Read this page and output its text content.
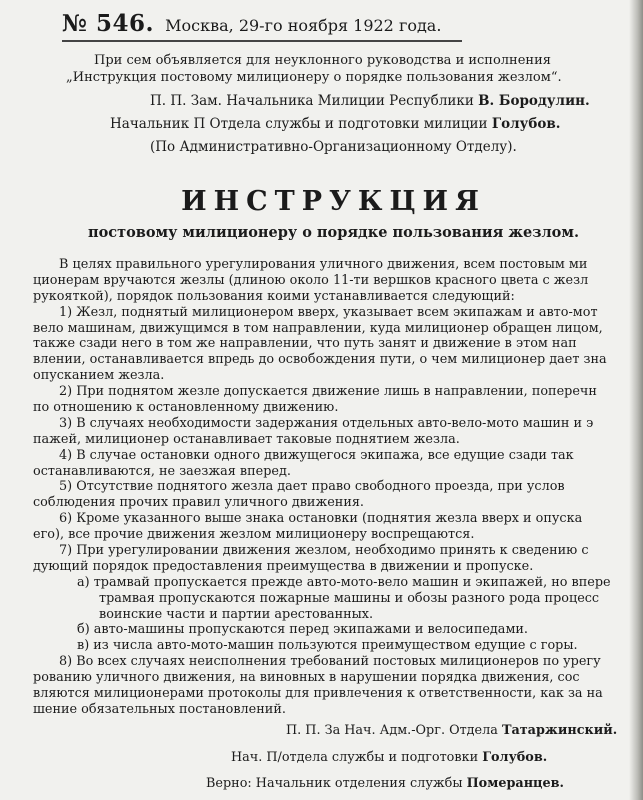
№ 546. Москва, 29-го ноября 1922 года.

При сем объявляется для неуклонного руководства и исполнения „Инструкция постовому милиционеру о порядке пользования жезлом“.

П. П. Зам. Начальника Милиции Республики В. Бородулин.
Начальник П Отдела службы и подготовки милиции Голубов.
(По Административно-Организационному Отделу).
ИНСТРУКЦИЯ
постовому милиционеру о порядке пользования жезлом.
В целях правильного урегулирования уличного движения, всем постовым ми
ционерам вручаются жезлы (длиною около 11-ти вершков красного цвета с жезл
рукояткой), порядок пользования коими устанавливается следующий:
1) Жезл, поднятый милиционером вверх, указывает всем экипажам и авто-мот
вело машинам, движущимся в том направлении, куда милиционер обращен лицом,
также сзади него в том же направлении, что путь занят и движение в этом нап
влении, останавливается впредь до освобождения пути, о чем милиционер дает зна
опусканием жезла.
2) При поднятом жезле допускается движение лишь в направлении, поперечн
по отношению к остановленному движению.
3) В случаях необходимости задержания отдельных авто-вело-мото машин и э
пажей, милиционер останавливает таковые поднятием жезла.
4) В случае остановки одного движущегося экипажа, все едущие сзади так
останавливаются, не заезжая вперед.
5) Отсутствие поднятого жезла дает право свободного проезда, при услов
соблюдения прочих правил уличного движения.
6) Кроме указанного выше знака остановки (поднятия жезла вверх и опуска
его), все прочие движения жезлом милиционеру воспрещаются.
7) При урегулировании движения жезлом, необходимо принять к сведению с
дующий порядок предоставления преимущества в движении и пропуске.
а) трамвай пропускается прежде авто-мото-вело машин и экипажей, но впере
трамвая пропускаются пожарные машины и обозы разного рода процесс
воинские части и партии арестованных.
б) авто-машины пропускаются перед экипажами и велосипедами.
в) из числа авто-мото-машин пользуются преимуществом едущие с горы.
8) Во всех случаях неисполнения требований постовых милиционеров по урегу
рованию уличного движения, на виновных в нарушении порядка движения, сос
вляются милиционерами протоколы для привлечения к ответственности, как за на
шение обязательных постановлений.
П. П. За Нач. Адм.-Орг. Отдела Татаржинский.
Нач. П/отдела службы и подготовки Голубов.
Верно: Начальник отделения службы Померанцев.
